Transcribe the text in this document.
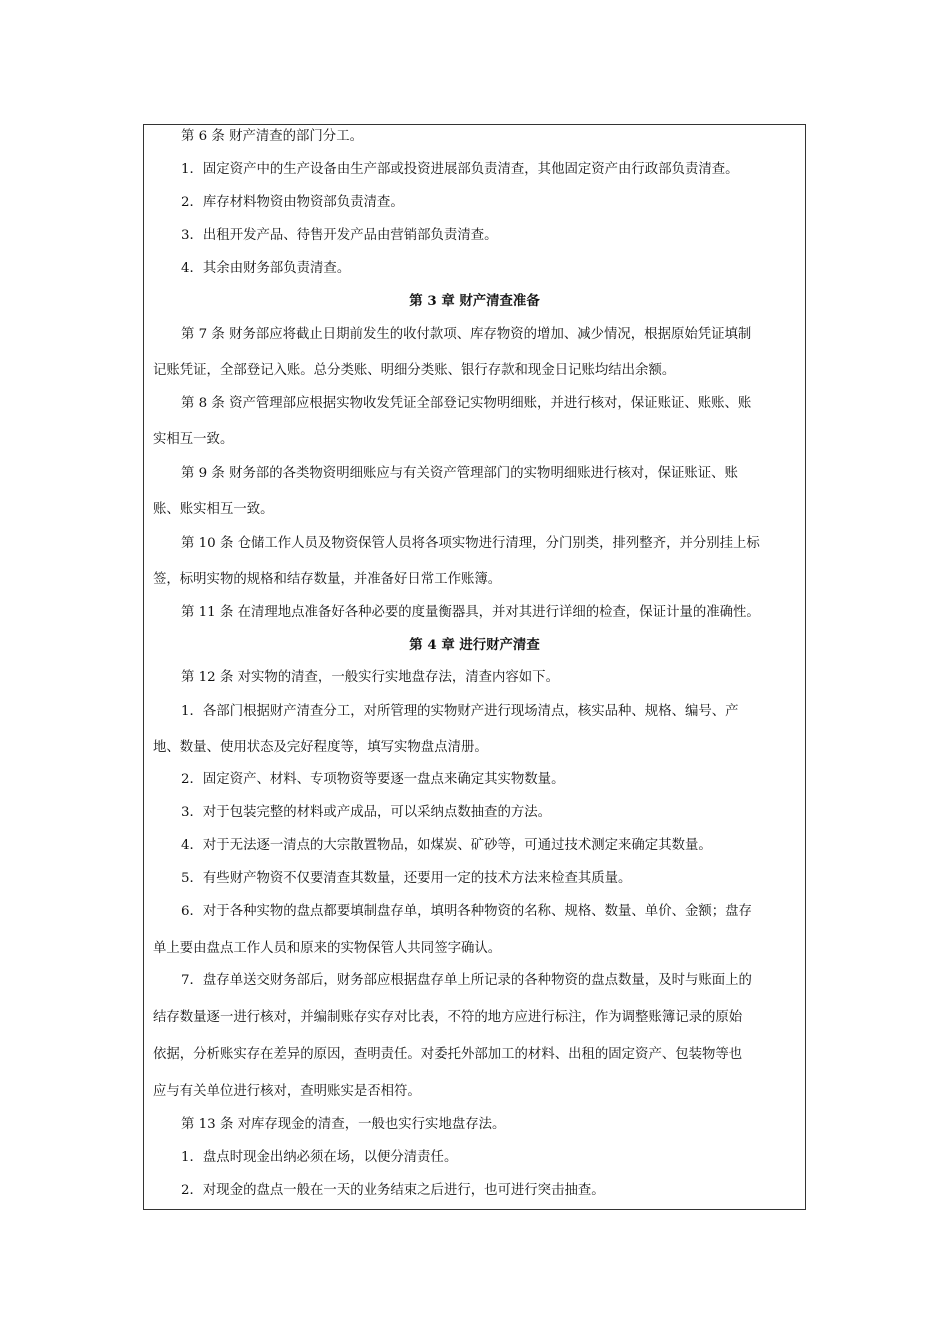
第 6 条 财产清查的部门分工。
1．固定资产中的生产设备由生产部或投资进展部负责清查，其他固定资产由行政部负责清查。
2．库存材料物资由物资部负责清查。
3．出租开发产品、待售开发产品由营销部负责清查。
4．其余由财务部负责清查。
第 3 章 财产清查准备
第 7 条 财务部应将截止日期前发生的收付款项、库存物资的增加、减少情况，根据原始凭证填制
记账凭证，全部登记入账。总分类账、明细分类账、银行存款和现金日记账均结出余额。
第 8 条 资产管理部应根据实物收发凭证全部登记实物明细账，并进行核对，保证账证、账账、账
实相互一致。
第 9 条 财务部的各类物资明细账应与有关资产管理部门的实物明细账进行核对，保证账证、账
账、账实相互一致。
第 10 条 仓储工作人员及物资保管人员将各项实物进行清理，分门别类，排列整齐，并分别挂上标
签，标明实物的规格和结存数量，并准备好日常工作账簿。
第 11 条 在清理地点准备好各种必要的度量衡器具，并对其进行详细的检查，保证计量的准确性。
第 4 章 进行财产清查
第 12 条 对实物的清查，一般实行实地盘存法，清查内容如下。
1．各部门根据财产清查分工，对所管理的实物财产进行现场清点，核实品种、规格、编号、产
地、数量、使用状态及完好程度等，填写实物盘点清册。
2．固定资产、材料、专项物资等要逐一盘点来确定其实物数量。
3．对于包装完整的材料或产成品，可以采纳点数抽查的方法。
4．对于无法逐一清点的大宗散置物品，如煤炭、矿砂等，可通过技术测定来确定其数量。
5．有些财产物资不仅要清查其数量，还要用一定的技术方法来检查其质量。
6．对于各种实物的盘点都要填制盘存单，填明各种物资的名称、规格、数量、单价、金额；盘存
单上要由盘点工作人员和原来的实物保管人共同签字确认。
7．盘存单送交财务部后，财务部应根据盘存单上所记录的各种物资的盘点数量，及时与账面上的
结存数量逐一进行核对，并编制账存实存对比表，不符的地方应进行标注，作为调整账簿记录的原始
依据，分析账实存在差异的原因，查明责任。对委托外部加工的材料、出租的固定资产、包装物等也
应与有关单位进行核对，查明账实是否相符。
第 13 条 对库存现金的清查，一般也实行实地盘存法。
1．盘点时现金出纳必须在场，以便分清责任。
2．对现金的盘点一般在一天的业务结束之后进行，也可进行突击抽查。
